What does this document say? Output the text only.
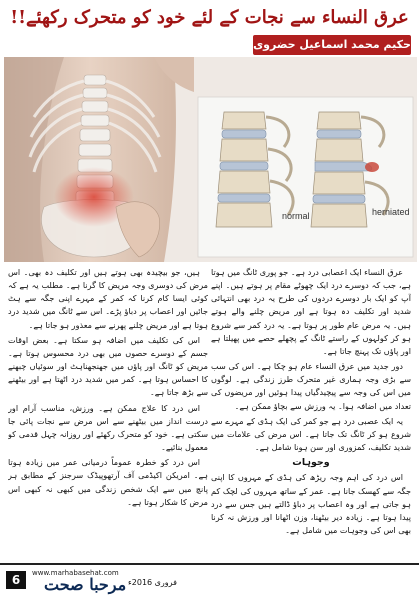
عرق النساء سے نجات کے لئے خود کو متحرک رکھئے!!
حکیم محمد اسماعیل حضروی
normal	herniated

عرق النساء ایک اعصابی درد ہے۔ جو پوری ٹانگ میں ہوتا ہے، جب کہ دوسرے درد ایک چھوٹے مقام پر ہوتے ہیں۔ اپنے آپ کو ایک بار دوسرے دردوں کی طرح یہ درد بھی انتہائی شدید اور تکلیف دہ ہوتا ہے اور مریض چلنے والے ہوتے ہیں۔ یہ مرض عام طور پر ہوتا ہے۔ یہ درد کمر سے شروع ہو کر کولہوں کے راستے ٹانگ کے پچھلے حصے میں پھیلتا ہے اور پاؤں تک پہنچ جاتا ہے۔

دور جدید میں عرق النساء عام ہو چکا ہے۔ اس کی سب سے بڑی وجہ ہماری غیر متحرک طرز زندگی ہے۔ لوگوں میں اس کی وجہ سے پیچیدگیاں پیدا ہوئیں اور مریضوں کی تعداد میں اضافہ ہوا۔ یہ ورزش سے بچاؤ ممکن ہے۔

یہ ایک عصبی درد ہے جو کمر کی ایک ہڈی کے مہرے سے شروع ہو کر ٹانگ تک جاتا ہے۔ اس مرض کی علامات میں شدید تکلیف، کمزوری اور سن ہونا شامل ہے۔

وجوہات

اس درد کی اہم وجہ ریڑھ کی ہڈی کے مہروں کا اپنی جگہ سے کھسک جانا ہے۔ عمر کے ساتھ مہروں کی لچک کم ہو جاتی ہے اور وہ اعصاب پر دباؤ ڈالتے ہیں جس سے درد پیدا ہوتا ہے۔ زیادہ دیر بیٹھنا، وزن اٹھانا اور ورزش نہ کرنا بھی اس کی وجوہات میں شامل ہے۔

ہیں، جو بیچیدہ بھی ہوتے ہیں اور تکلیف دہ بھی۔ اس مرض کی دوسری وجہ مریض کا گرنا ہے۔ مطلب یہ ہے کہ کوئی ایسا کام کرنا کہ کمر کے مہرے اپنی جگہ سے ہٹ جائیں اور اعصاب پر دباؤ پڑے۔ اس سے ٹانگ میں شدید درد ہوتا ہے اور مریض چلنے پھرنے سے معذور ہو جاتا ہے۔

اس کی تکلیف میں اضافہ ہو سکتا ہے۔ بعض اوقات جسم کے دوسرے حصوں میں بھی درد محسوس ہوتا ہے۔ مریض کو ٹانگ اور پاؤں میں جھنجھناہٹ اور سوئیاں چبھنے کا احساس ہوتا ہے۔ کمر میں شدید درد اٹھتا ہے اور بیٹھنے سے بڑھ جاتا ہے۔

اس درد کا علاج ممکن ہے۔ ورزش، مناسب آرام اور درست انداز میں بیٹھنے سے اس مرض سے نجات پائی جا سکتی ہے۔ خود کو متحرک رکھئے اور روزانہ چہل قدمی کو معمول بنائیے۔

اس درد کو خطرہ عموماً درمیانی عمر میں زیادہ ہوتا ہے۔ امریکن اکیڈمی آف آرتھوپیڈک سرجنز کے مطابق ہر پانچ میں سے ایک شخص زندگی میں کبھی نہ کبھی اس مرض کا شکار ہوتا ہے۔

6	www.marhabasehat.com
مرحبا صحت فروری 2016ء
